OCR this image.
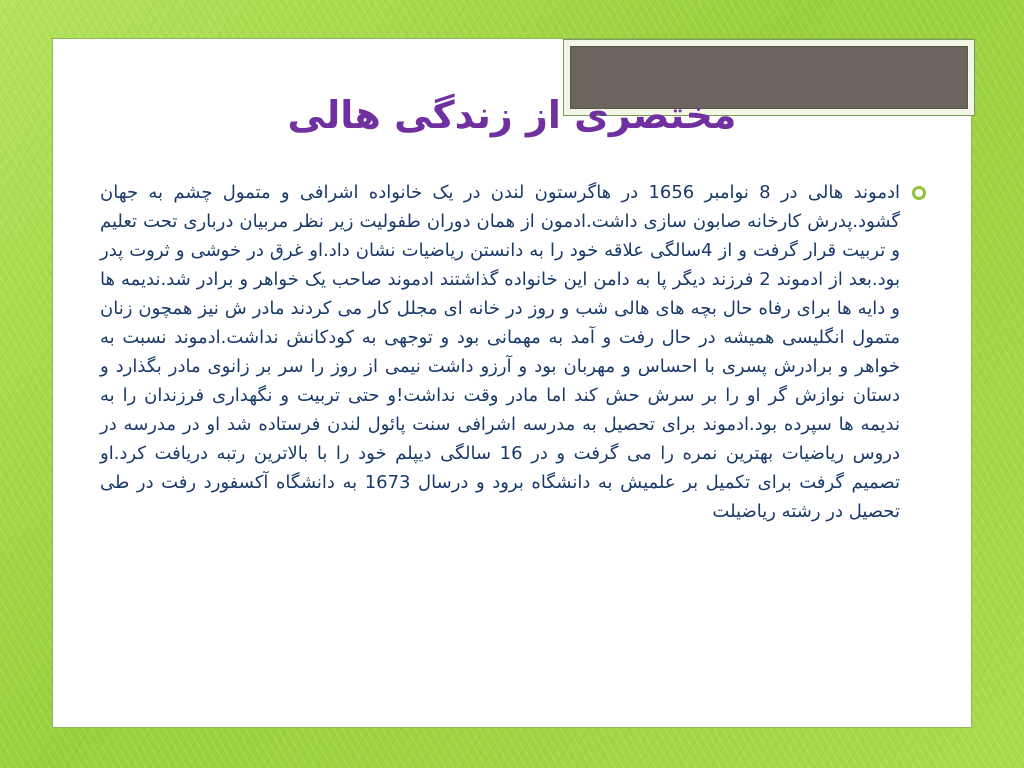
مختصری از زندگی هالی

ادموند هالی در 8 نوامبر 1656 در هاگرستون لندن در یک خانواده اشرافی و متمول چشم به جهان گشود.پدرش کارخانه صابون سازی داشت.ادمون از همان دوران طفولیت زیر نظر مربیان درباری تحت تعلیم و تربیت قرار گرفت و از 4سالگی علاقه خود را به دانستن ریاضیات نشان داد.او غرق در خوشی و ثروت پدر بود.بعد از ادموند 2 فرزند دیگر پا به دامن این خانواده گذاشتند ادموند صاحب یک خواهر و برادر شد.ندیمه ها و دایه ها برای رفاه حال بچه های هالی شب و روز در خانه ای مجلل کار می کردند مادر ش نیز همچون زنان متمول انگلیسی همیشه در حال رفت و آمد به مهمانی بود و توجهی به کودکانش نداشت.ادموند نسبت به خواهر و برادرش پسری با احساس و مهربان بود و آرزو داشت نیمی از روز را سر بر زانوی مادر بگذارد و دستان نوازش گر او را بر سرش حش کند اما مادر وقت نداشت!و حتی تربیت و نگهداری فرزندان را به ندیمه ها سپرده بود.ادموند برای تحصیل به مدرسه اشرافی سنت پائول لندن فرستاده شد او در مدرسه در دروس ریاضیات بهترین نمره را می گرفت و در 16 سالگی دیپلم خود را با بالاترین رتبه دریافت کرد.او تصمیم گرفت برای تکمیل بر علمیش به دانشگاه برود و درسال 1673 به دانشگاه آکسفورد رفت در طی تحصیل در رشته ریاضیلت
